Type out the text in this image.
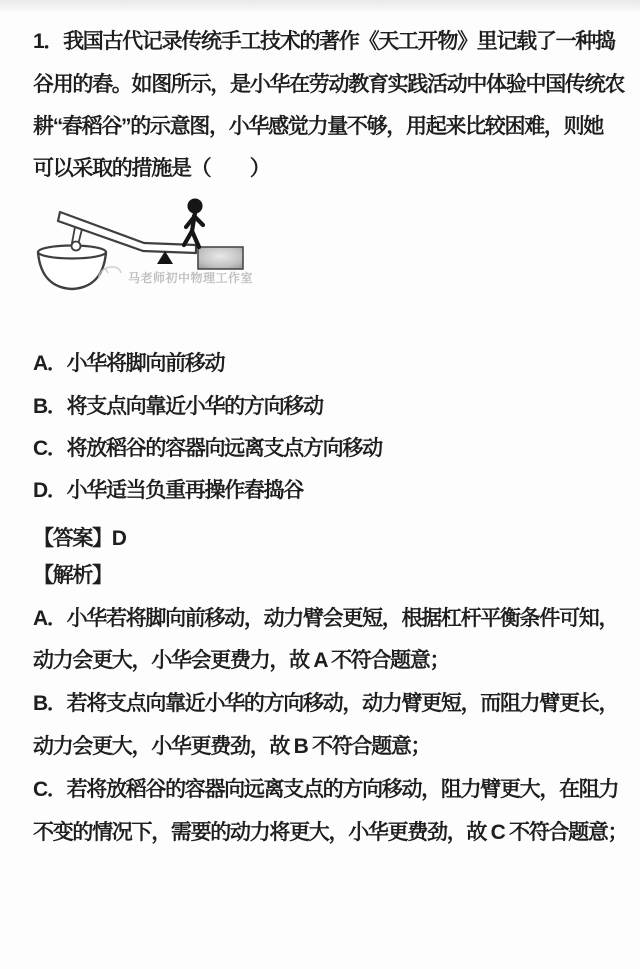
1．我国古代记录传统手工技术的著作《天工开物》里记载了一种捣
谷用的舂。如图所示，是小华在劳动教育实践活动中体验中国传统农
耕“舂稻谷”的示意图，小华感觉力量不够，用起来比较困难，则她
可以采取的措施是（　　）
马老师初中物理工作室
A．小华将脚向前移动
B．将支点向靠近小华的方向移动
C．将放稻谷的容器向远离支点方向移动
D．小华适当负重再操作舂捣谷
【答案】D
【解析】
A．小华若将脚向前移动，动力臂会更短，根据杠杆平衡条件可知，
动力会更大，小华会更费力，故 A 不符合题意；
B．若将支点向靠近小华的方向移动，动力臂更短，而阻力臂更长，
动力会更大，小华更费劲，故 B 不符合题意；
C．若将放稻谷的容器向远离支点的方向移动，阻力臂更大，在阻力
不变的情况下，需要的动力将更大，小华更费劲，故 C 不符合题意；
